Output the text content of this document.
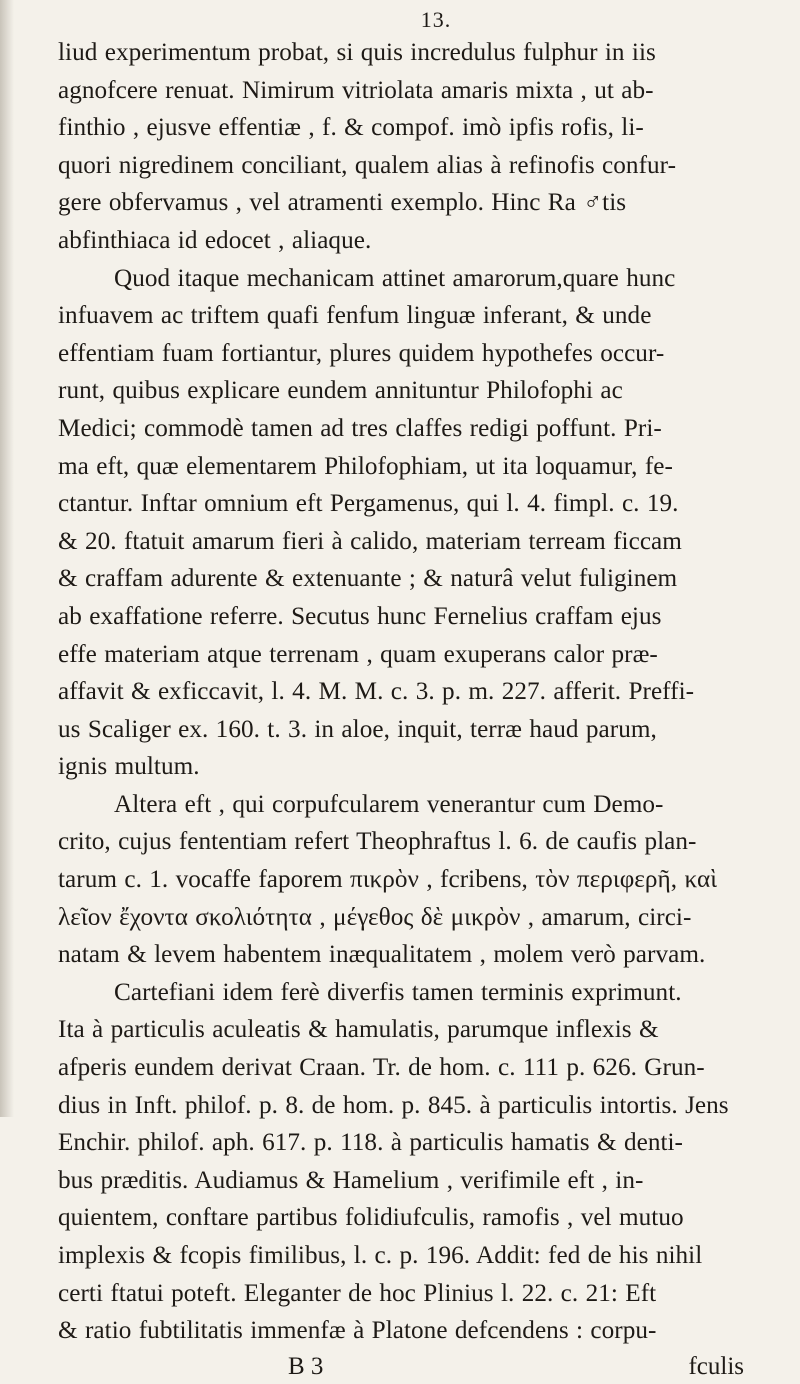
13.
liud experimentum probat, si quis incredulus fulphur in iis
agnofcere renuat. Nimirum vitriolata amaris mixta , ut ab-
finthio , ejusve effentiæ , f. & compof. imò ipfis rofis, li-
quori nigredinem conciliant, qualem alias à refinofis confur-
gere obfervamus , vel atramenti exemplo. Hinc Ra ♂tis
abfinthiaca id edocet , aliaque.
Quod itaque mechanicam attinet amarorum,quare hunc
infuavem ac triftem quafi fenfum linguæ inferant, & unde
effentiam fuam fortiantur, plures quidem hypothefes occur-
runt, quibus explicare eundem annituntur Philofophi ac
Medici; commodè tamen ad tres claffes redigi poffunt. Pri-
ma eft, quæ elementarem Philofophiam, ut ita loquamur, fe-
ctantur. Inftar omnium eft Pergamenus, qui l. 4. fimpl. c. 19.
& 20. ftatuit amarum fieri à calido, materiam terream ficcam
& craffam adurente & extenuante ; & naturâ velut fuliginem
ab exaffatione referre. Secutus hunc Fernelius craffam ejus
effe materiam atque terrenam , quam exuperans calor præ-
affavit & exficcavit, l. 4. M. M. c. 3. p. m. 227. afferit. Preffi-
us Scaliger ex. 160. t. 3. in aloe, inquit, terræ haud parum,
ignis multum.
Altera eft , qui corpufcularem venerantur cum Demo-
crito, cujus fententiam refert Theophraftus l. 6. de caufis plan-
tarum c. 1. vocaffe faporem πικρὸν , fcribens, τὸν περιφερῆ, καὶ
λεῖον ἔχοντα σκολιότητα , μέγεθος δὲ μικρὸν , amarum, circi-
natam & levem habentem inæqualitatem , molem verò parvam.
Cartefiani idem ferè diverfis tamen terminis exprimunt.
Ita à particulis aculeatis & hamulatis, parumque inflexis &
afperis eundem derivat Craan. Tr. de hom. c. 111 p. 626. Grun-
dius in Inft. philof. p. 8. de hom. p. 845. à particulis intortis. Jens
Enchir. philof. aph. 617. p. 118. à particulis hamatis & denti-
bus præditis. Audiamus & Hamelium , verifimile eft , in-
quientem, conftare partibus folidiufculis, ramofis , vel mutuo
implexis & fcopis fimilibus, l. c. p. 196. Addit: fed de his nihil
certi ftatui poteft. Eleganter de hoc Plinius l. 22. c. 21: Eft
& ratio fubtilitatis immenfæ à Platone defcendens : corpu-
B 3	fculis
